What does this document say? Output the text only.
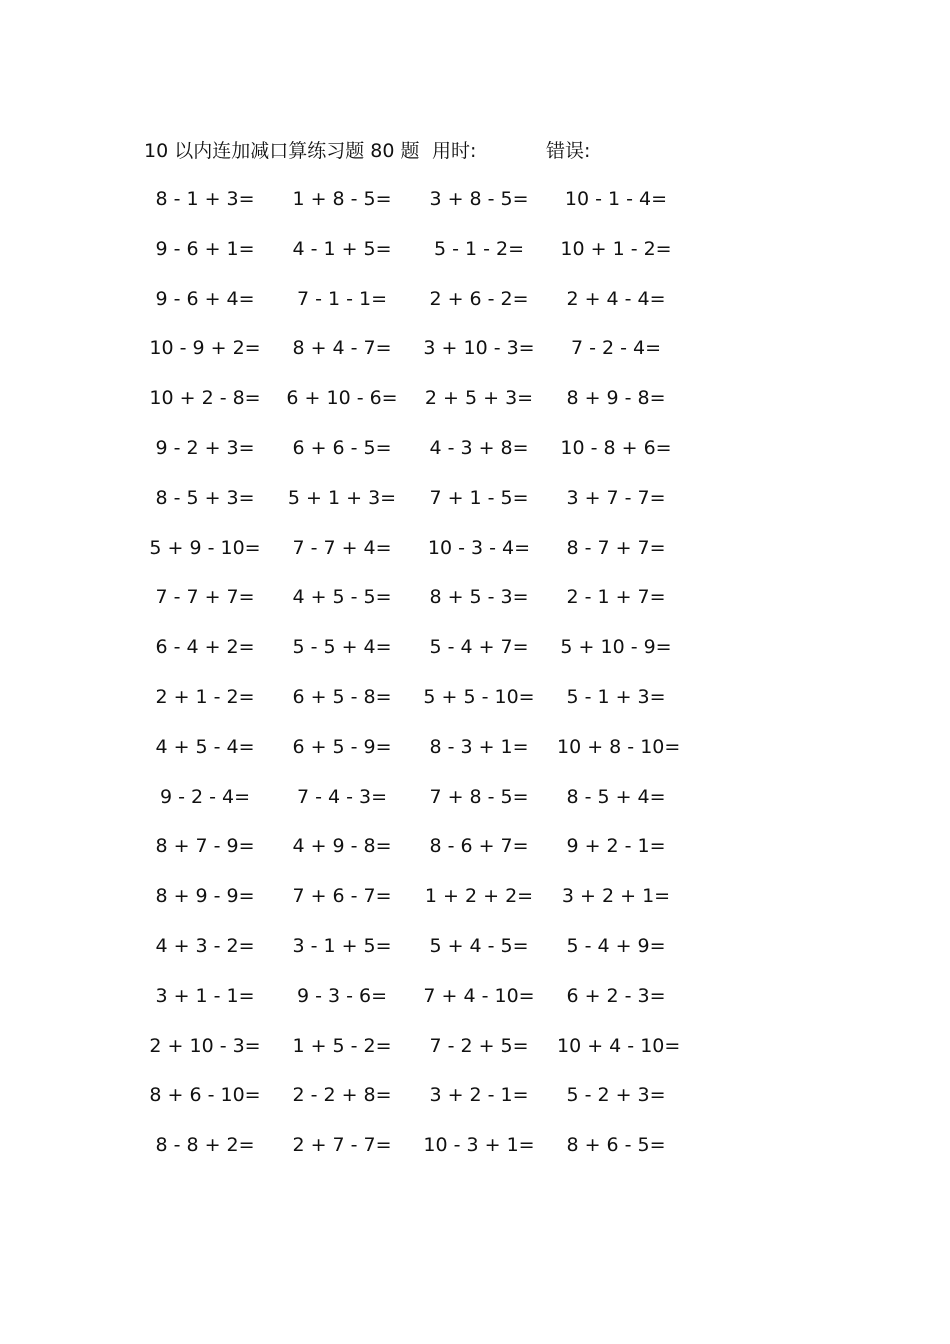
10 以内连加减口算练习题 80 题 用时:	错误:
8 - 1 + 3=	1 + 8 - 5=	3 + 8 - 5=	10 - 1 - 4=
9 - 6 + 1=	4 - 1 + 5=	5 - 1 - 2=	10 + 1 - 2=
9 - 6 + 4=	7 - 1 - 1=	2 + 6 - 2=	2 + 4 - 4=
10 - 9 + 2=	8 + 4 - 7=	3 + 10 - 3=	7 - 2 - 4=
10 + 2 - 8= 6 + 10 - 6= 2 + 5 + 3=	8 + 9 - 8=
9 - 2 + 3=	6 + 6 - 5=	4 - 3 + 8=	10 - 8 + 6=
8 - 5 + 3=	5 + 1 + 3=	7 + 1 - 5=	3 + 7 - 7=
5 + 9 - 10=	7 - 7 + 4=	10 - 3 - 4=	8 - 7 + 7=
7 - 7 + 7=	4 + 5 - 5=	8 + 5 - 3=	2 - 1 + 7=
6 - 4 + 2=	5 - 5 + 4=	5 - 4 + 7=	5 + 10 - 9=
2 + 1 - 2=	6 + 5 - 8=	5 + 5 - 10=	5 - 1 + 3=
4 + 5 - 4=	6 + 5 - 9=	8 - 3 + 1=	10 + 8 - 10=
9 - 2 - 4=	7 - 4 - 3=	7 + 8 - 5=	8 - 5 + 4=
8 + 7 - 9=	4 + 9 - 8=	8 - 6 + 7=	9 + 2 - 1=
8 + 9 - 9=	7 + 6 - 7=	1 + 2 + 2= 3 + 2 + 1=
4 + 3 - 2=	3 - 1 + 5=	5 + 4 - 5=	5 - 4 + 9=
3 + 1 - 1=	9 - 3 - 6=	7 + 4 - 10=	6 + 2 - 3=
2 + 10 - 3=	1 + 5 - 2=	7 - 2 + 5=	10 + 4 - 10=
8 + 6 - 10=	2 - 2 + 8=	3 + 2 - 1=	5 - 2 + 3=
8 - 8 + 2=	2 + 7 - 7=	10 - 3 + 1=	8 + 6 - 5=
